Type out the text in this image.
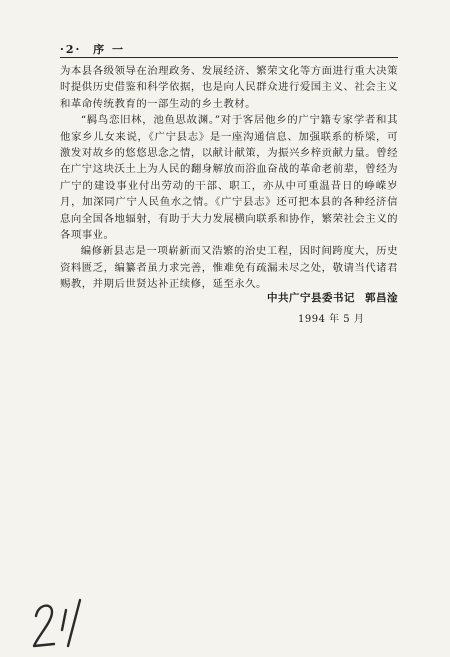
·2· 序 一

为本县各级领导在治理政务、发展经济、繁荣文化等方面进行重大决策时提供历史借鉴和科学依据，也是向人民群众进行爱国主义、社会主义和革命传统教育的一部生动的乡土教材。

“羁鸟恋旧林，池鱼思故渊。”对于客居他乡的广宁籍专家学者和其他家乡儿女来说，《广宁县志》是一座沟通信息、加强联系的桥梁，可激发对故乡的悠悠思念之情，以献计献策，为振兴乡梓贡献力量。曾经在广宁这块沃土上为人民的翻身解放而浴血奋战的革命老前辈，曾经为广宁的建设事业付出劳动的干部、职工，亦从中可重温昔日的峥嵘岁月，加深同广宁人民鱼水之情。《广宁县志》还可把本县的各种经济信息向全国各地辐射，有助于大力发展横向联系和协作，繁荣社会主义的各项事业。

编修新县志是一项崭新而又浩繁的治史工程，因时间跨度大，历史资料匮乏，编纂者虽力求完善，惟难免有疏漏未尽之处，敬请当代诸君赐教，并期后世贤达补正续修，延至永久。

中共广宁县委书记 郭昌淦
1994 年 5 月
